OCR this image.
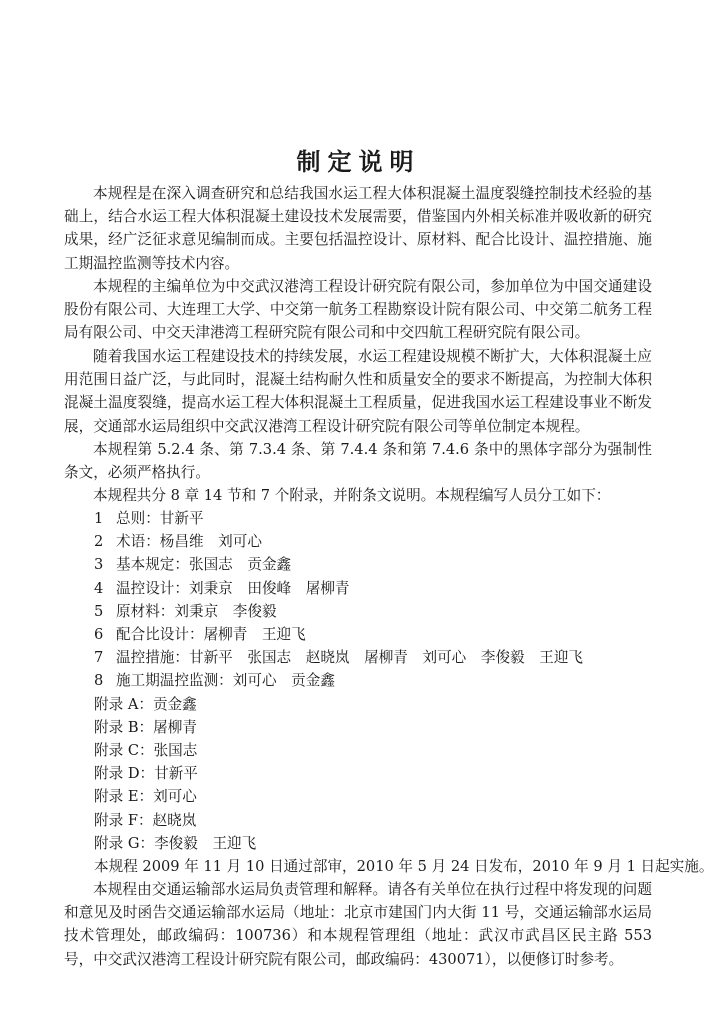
制定说明

本规程是在深入调查研究和总结我国水运工程大体积混凝土温度裂缝控制技术经验的基础上，结合水运工程大体积混凝土建设技术发展需要，借鉴国内外相关标准并吸收新的研究成果，经广泛征求意见编制而成。主要包括温控设计、原材料、配合比设计、温控措施、施工期温控监测等技术内容。

本规程的主编单位为中交武汉港湾工程设计研究院有限公司，参加单位为中国交通建设股份有限公司、大连理工大学、中交第一航务工程勘察设计院有限公司、中交第二航务工程局有限公司、中交天津港湾工程研究院有限公司和中交四航工程研究院有限公司。

随着我国水运工程建设技术的持续发展，水运工程建设规模不断扩大，大体积混凝土应用范围日益广泛，与此同时，混凝土结构耐久性和质量安全的要求不断提高，为控制大体积混凝土温度裂缝，提高水运工程大体积混凝土工程质量，促进我国水运工程建设事业不断发展，交通部水运局组织中交武汉港湾工程设计研究院有限公司等单位制定本规程。

本规程第 5.2.4 条、第 7.3.4 条、第 7.4.4 条和第 7.4.6 条中的黑体字部分为强制性条文，必须严格执行。

本规程共分 8 章 14 节和 7 个附录，并附条文说明。本规程编写人员分工如下：

1 总则：甘新平
2 术语：杨昌维　刘可心
3 基本规定：张国志　贡金鑫
4 温控设计：刘秉京　田俊峰　屠柳青
5 原材料：刘秉京　李俊毅
6 配合比设计：屠柳青　王迎飞
7 温控措施：甘新平　张国志　赵晓岚　屠柳青　刘可心　李俊毅　王迎飞
8 施工期温控监测：刘可心　贡金鑫
附录 A：贡金鑫
附录 B：屠柳青
附录 C：张国志
附录 D：甘新平
附录 E：刘可心
附录 F：赵晓岚
附录 G：李俊毅　王迎飞

本规程 2009 年 11 月 10 日通过部审，2010 年 5 月 24 日发布，2010 年 9 月 1 日起实施。

本规程由交通运输部水运局负责管理和解释。请各有关单位在执行过程中将发现的问题和意见及时函告交通运输部水运局（地址：北京市建国门内大街 11 号，交通运输部水运局技术管理处，邮政编码：100736）和本规程管理组（地址：武汉市武昌区民主路 553 号，中交武汉港湾工程设计研究院有限公司，邮政编码：430071），以便修订时参考。
